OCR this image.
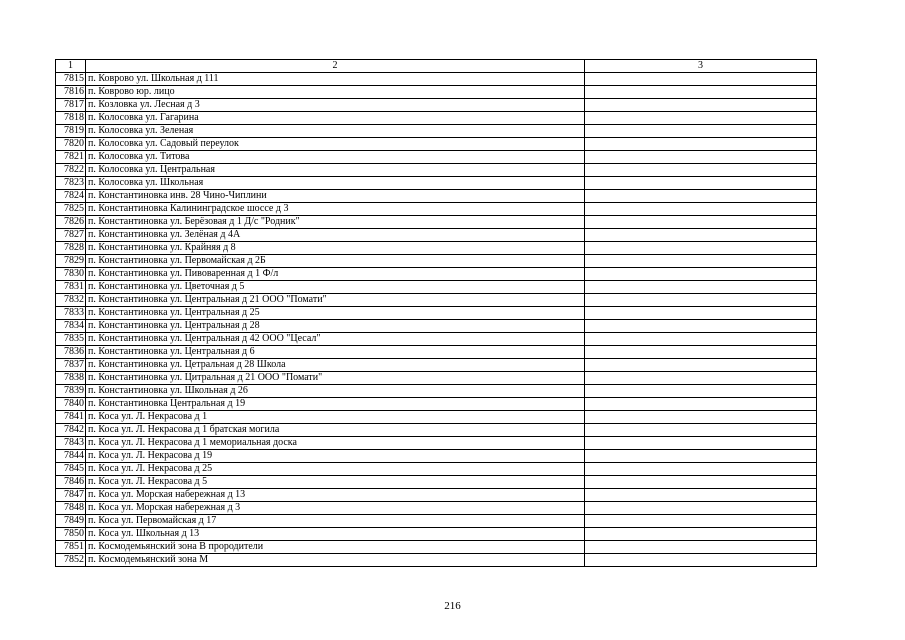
1	2	3
7815	п. Коврово ул. Школьная д 111	
7816	п. Коврово юр. лицо	
7817	п. Козловка ул. Лесная д 3	
7818	п. Колосовка ул. Гагарина	
7819	п. Колосовка ул. Зеленая	
7820	п. Колосовка ул. Садовый переулок	
7821	п. Колосовка ул. Титова	
7822	п. Колосовка ул. Центральная	
7823	п. Колосовка ул. Школьная	
7824	п. Константиновка инв. 28 Чино-Чиплини	
7825	п. Константиновка Калининградское шоссе д 3	
7826	п. Константиновка ул. Берёзовая д 1 Д/с "Родник"	
7827	п. Константиновка ул. Зелёная д 4А	
7828	п. Константиновка ул. Крайняя д 8	
7829	п. Константиновка ул. Первомайская д 2Б	
7830	п. Константиновка ул. Пивоваренная д 1 Ф/л	
7831	п. Константиновка ул. Цветочная д 5	
7832	п. Константиновка ул. Центральная д 21 ООО "Помати"	
7833	п. Константиновка ул. Центральная д 25	
7834	п. Константиновка ул. Центральная д 28	
7835	п. Константиновка ул. Центральная д 42 ООО "Цесал"	
7836	п. Константиновка ул. Центральная д 6	
7837	п. Константиновка ул. Цетральная д 28 Школа	
7838	п. Константиновка ул. Цитральная д 21 ООО "Помати"	
7839	п. Константиновка ул. Школьная д 26	
7840	п. Константиновка Центральная д 19	
7841	п. Коса ул. Л. Некрасова д 1	
7842	п. Коса ул. Л. Некрасова д 1 братская могила	
7843	п. Коса ул. Л. Некрасова д 1 мемориальная доска	
7844	п. Коса ул. Л. Некрасова д 19	
7845	п. Коса ул. Л. Некрасова д 25	
7846	п. Коса ул. Л. Некрасова д 5	
7847	п. Коса ул. Морская набережная д 13	
7848	п. Коса ул. Морская набережная д 3	
7849	п. Коса ул. Первомайская д 17	
7850	п. Коса ул. Школьная д 13	
7851	п. Космодемьянский зона В прородители	
7852	п. Космодемьянский зона М	
216
